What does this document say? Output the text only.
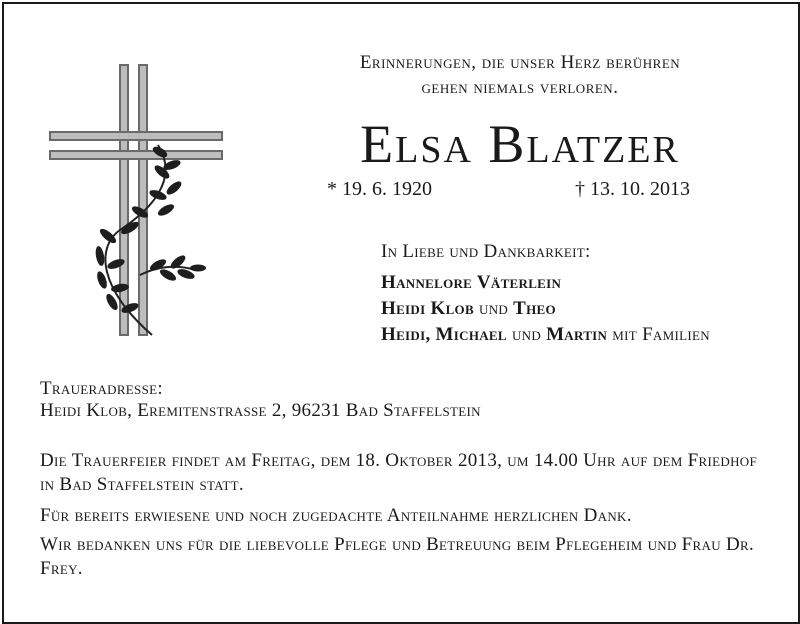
Erinnerungen, die unser Herz berühren
gehen niemals verloren.
Elsa Blatzer
* 19. 6. 1920	† 13. 10. 2013
In Liebe und Dankbarkeit:
Hannelore Väterlein
Heidi Klob und Theo
Heidi, Michael und Martin mit Familien
Traueradresse:
Heidi Klob, Eremitenstrasse 2, 96231 Bad Staffelstein
Die Trauerfeier findet am Freitag, dem 18. Oktober 2013, um 14.00 Uhr auf dem Friedhof in Bad Staffelstein statt.
Für bereits erwiesene und noch zugedachte Anteilnahme herzlichen Dank.
Wir bedanken uns für die liebevolle Pflege und Betreuung beim Pflegeheim und Frau Dr. Frey.
